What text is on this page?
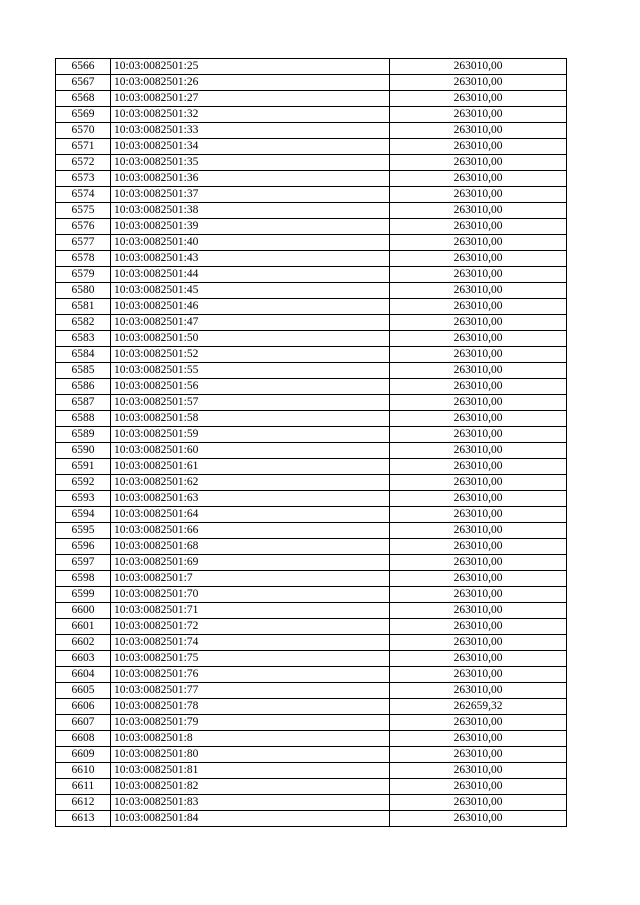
6566	10:03:0082501:25	263010,00
6567	10:03:0082501:26	263010,00
6568	10:03:0082501:27	263010,00
6569	10:03:0082501:32	263010,00
6570	10:03:0082501:33	263010,00
6571	10:03:0082501:34	263010,00
6572	10:03:0082501:35	263010,00
6573	10:03:0082501:36	263010,00
6574	10:03:0082501:37	263010,00
6575	10:03:0082501:38	263010,00
6576	10:03:0082501:39	263010,00
6577	10:03:0082501:40	263010,00
6578	10:03:0082501:43	263010,00
6579	10:03:0082501:44	263010,00
6580	10:03:0082501:45	263010,00
6581	10:03:0082501:46	263010,00
6582	10:03:0082501:47	263010,00
6583	10:03:0082501:50	263010,00
6584	10:03:0082501:52	263010,00
6585	10:03:0082501:55	263010,00
6586	10:03:0082501:56	263010,00
6587	10:03:0082501:57	263010,00
6588	10:03:0082501:58	263010,00
6589	10:03:0082501:59	263010,00
6590	10:03:0082501:60	263010,00
6591	10:03:0082501:61	263010,00
6592	10:03:0082501:62	263010,00
6593	10:03:0082501:63	263010,00
6594	10:03:0082501:64	263010,00
6595	10:03:0082501:66	263010,00
6596	10:03:0082501:68	263010,00
6597	10:03:0082501:69	263010,00
6598	10:03:0082501:7	263010,00
6599	10:03:0082501:70	263010,00
6600	10:03:0082501:71	263010,00
6601	10:03:0082501:72	263010,00
6602	10:03:0082501:74	263010,00
6603	10:03:0082501:75	263010,00
6604	10:03:0082501:76	263010,00
6605	10:03:0082501:77	263010,00
6606	10:03:0082501:78	262659,32
6607	10:03:0082501:79	263010,00
6608	10:03:0082501:8	263010,00
6609	10:03:0082501:80	263010,00
6610	10:03:0082501:81	263010,00
6611	10:03:0082501:82	263010,00
6612	10:03:0082501:83	263010,00
6613	10:03:0082501:84	263010,00
